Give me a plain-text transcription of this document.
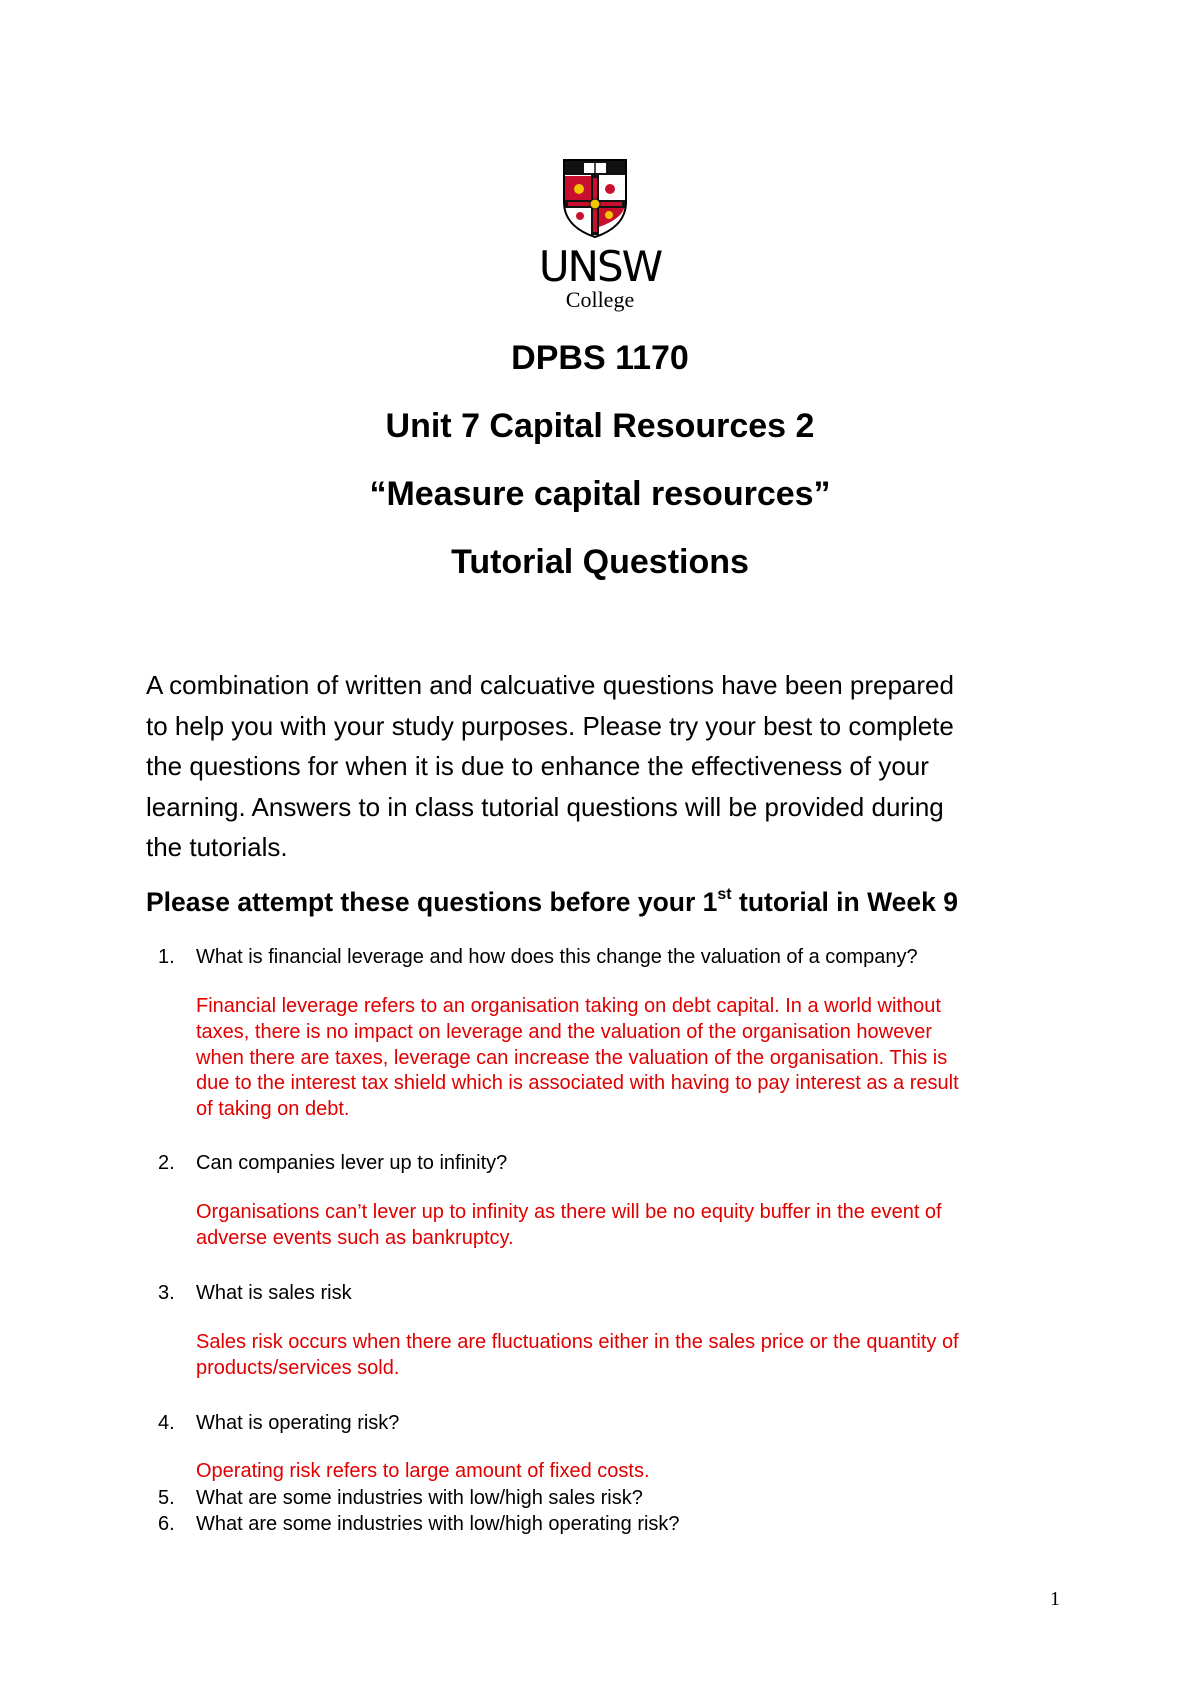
UNSW
College
DPBS 1170
Unit 7 Capital Resources 2
“Measure capital resources”
Tutorial Questions
A combination of written and calcuative questions have been prepared
to help you with your study purposes. Please try your best to complete
the questions for when it is due to enhance the effectiveness of your
learning. Answers to in class tutorial questions will be provided during
the tutorials.
Please attempt these questions before your 1st tutorial in Week 9
1. What is financial leverage and how does this change the valuation of a company?
Financial leverage refers to an organisation taking on debt capital. In a world without
taxes, there is no impact on leverage and the valuation of the organisation however
when there are taxes, leverage can increase the valuation of the organisation. This is
due to the interest tax shield which is associated with having to pay interest as a result
of taking on debt.
2. Can companies lever up to infinity?
Organisations can’t lever up to infinity as there will be no equity buffer in the event of
adverse events such as bankruptcy.
3. What is sales risk
Sales risk occurs when there are fluctuations either in the sales price or the quantity of
products/services sold.
4. What is operating risk?
Operating risk refers to large amount of fixed costs.
5. What are some industries with low/high sales risk?
6. What are some industries with low/high operating risk?
1
